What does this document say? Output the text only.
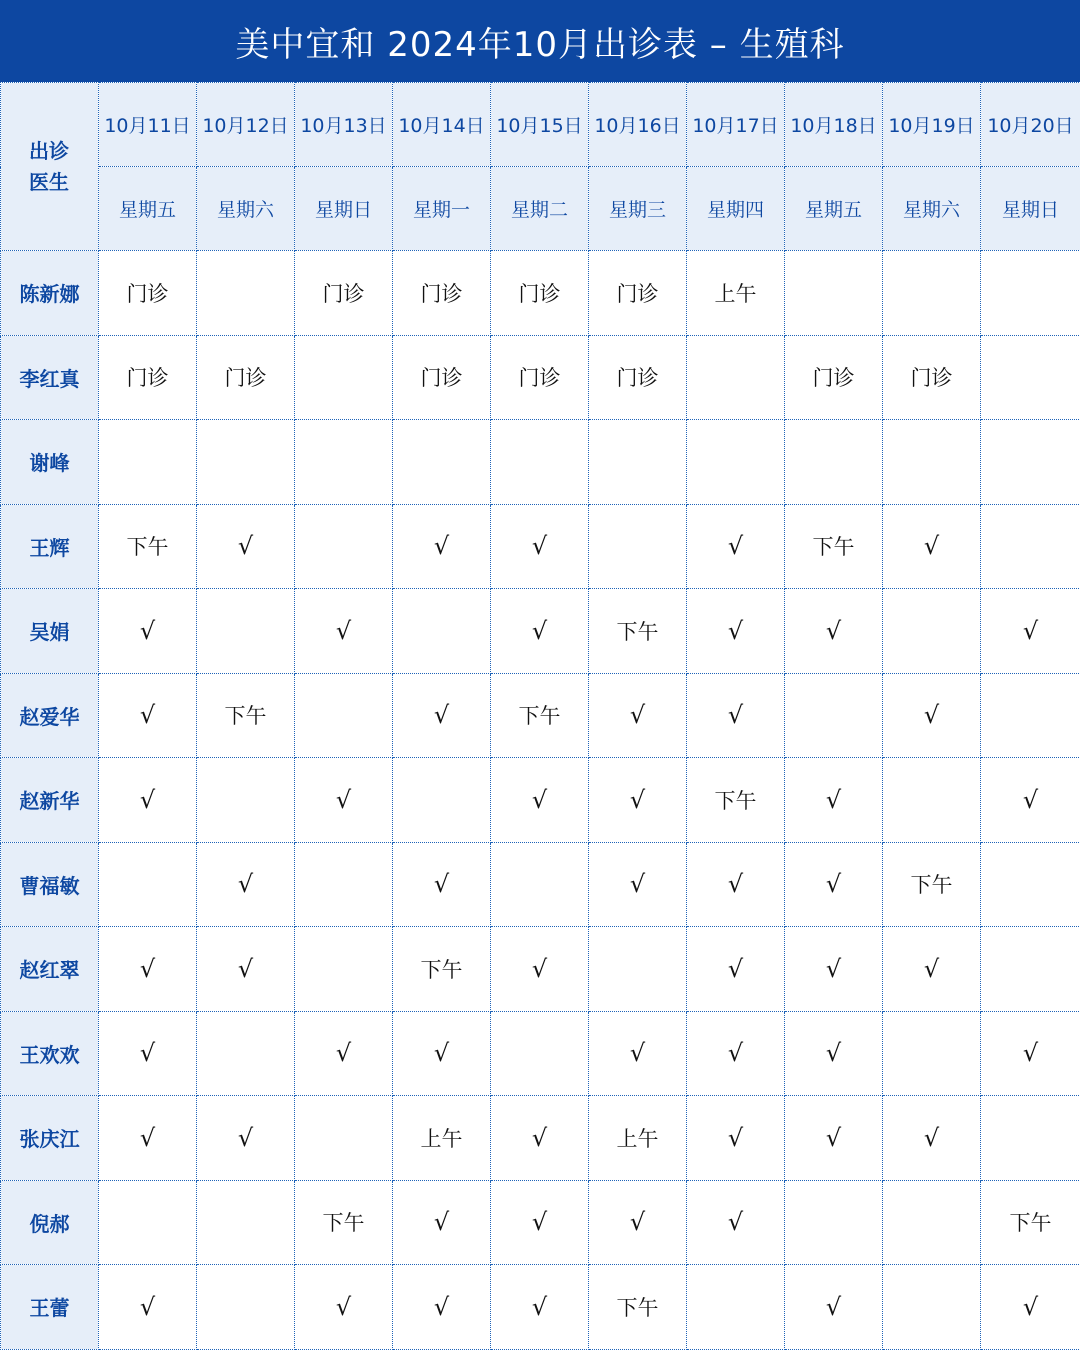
美中宜和 2024年10月出诊表 – 生殖科
出诊
医生	10月11日	10月12日	10月13日	10月14日	10月15日	10月16日	10月17日	10月18日	10月19日	10月20日
	星期五	星期六	星期日	星期一	星期二	星期三	星期四	星期五	星期六	星期日
陈新娜	门诊		门诊	门诊	门诊	门诊	上午			
李红真	门诊	门诊		门诊	门诊	门诊		门诊	门诊	
谢峰										
王辉	下午	√		√	√		√	下午	√	
吴娟	√		√		√	下午	√	√		√
赵爱华	√	下午		√	下午	√	√		√	
赵新华	√		√		√	√	下午	√		√
曹福敏		√		√		√	√	√	下午	
赵红翠	√	√		下午	√		√	√	√	
王欢欢	√		√	√		√	√	√		√
张庆江	√	√		上午	√	上午	√	√	√	
倪郝			下午	√	√	√	√			下午
王蕾	√		√	√	√	下午		√		√
